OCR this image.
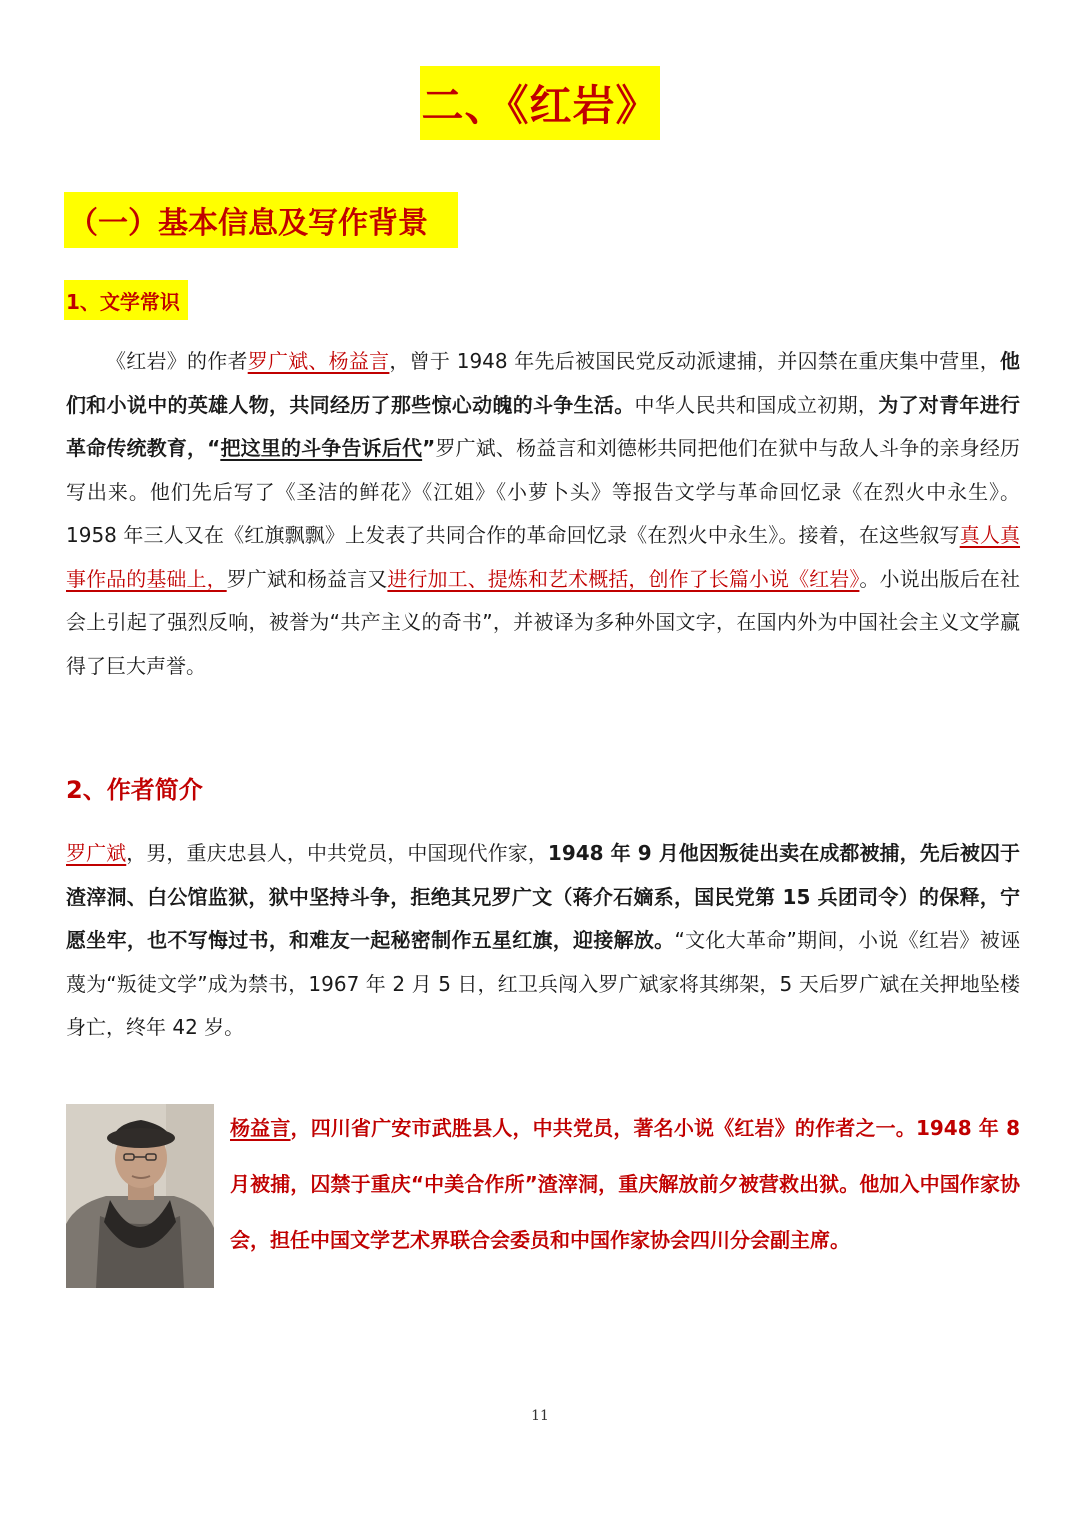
二、《红岩》
（一）基本信息及写作背景
1、文学常识

《红岩》的作者罗广斌、杨益言，曾于 1948 年先后被国民党反动派逮捕，并囚禁在重庆集中营里，他们和小说中的英雄人物，共同经历了那些惊心动魄的斗争生活。中华人民共和国成立初期，为了对青年进行革命传统教育，“把这里的斗争告诉后代”罗广斌、杨益言和刘德彬共同把他们在狱中与敌人斗争的亲身经历写出来。他们先后写了《圣洁的鲜花》《江姐》《小萝卜头》等报告文学与革命回忆录《在烈火中永生》。1958 年三人又在《红旗飘飘》上发表了共同合作的革命回忆录《在烈火中永生》。接着，在这些叙写真人真事作品的基础上，罗广斌和杨益言又进行加工、提炼和艺术概括，创作了长篇小说《红岩》。小说出版后在社会上引起了强烈反响，被誉为“共产主义的奇书”，并被译为多种外国文字，在国内外为中国社会主义文学赢得了巨大声誉。

2、作者简介

罗广斌，男，重庆忠县人，中共党员，中国现代作家，1948 年 9 月他因叛徒出卖在成都被捕，先后被囚于渣滓洞、白公馆监狱，狱中坚持斗争，拒绝其兄罗广文（蒋介石嫡系，国民党第 15 兵团司令）的保释，宁愿坐牢，也不写悔过书，和难友一起秘密制作五星红旗，迎接解放。“文化大革命”期间，小说《红岩》被诬蔑为“叛徒文学”成为禁书，1967 年 2 月 5 日，红卫兵闯入罗广斌家将其绑架，5 天后罗广斌在关押地坠楼身亡，终年 42 岁。

杨益言，四川省广安市武胜县人，中共党员，著名小说《红岩》的作者之一。1948 年 8 月被捕，囚禁于重庆“中美合作所”渣滓洞，重庆解放前夕被营救出狱。他加入中国作家协会，担任中国文学艺术界联合会委员和中国作家协会四川分会副主席。

11
